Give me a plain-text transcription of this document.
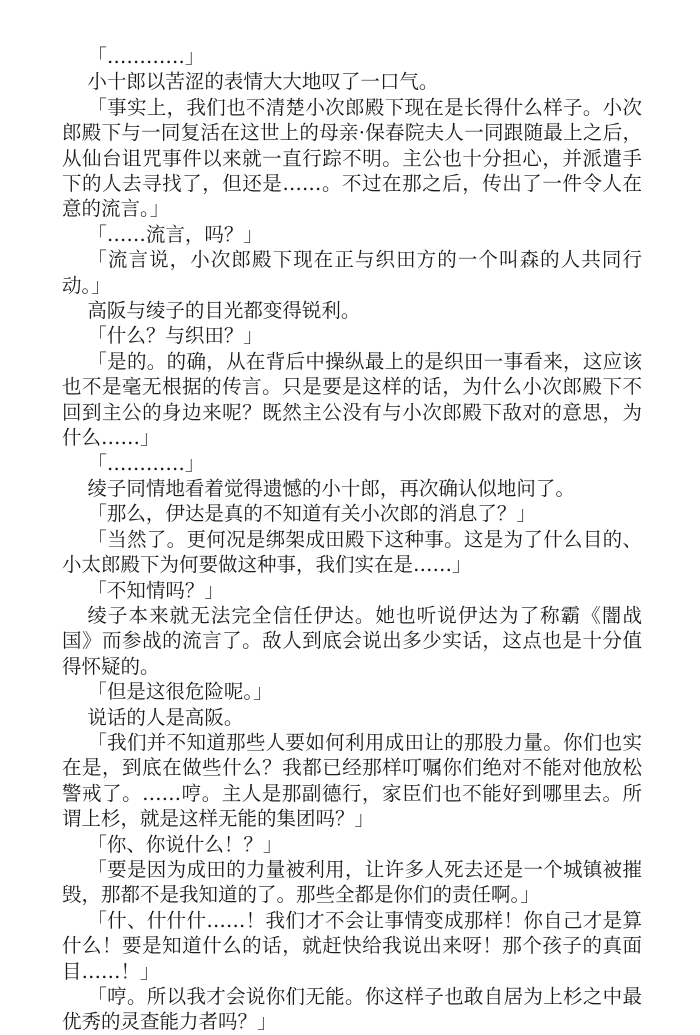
「…………」

小十郎以苦涩的表情大大地叹了一口气。

「事实上，我们也不清楚小次郎殿下现在是长得什么样子。小次郎殿下与一同复活在这世上的母亲·保春院夫人一同跟随最上之后，从仙台诅咒事件以来就一直行踪不明。主公也十分担心，并派遣手下的人去寻找了，但还是……。不过在那之后，传出了一件令人在意的流言。」

「……流言，吗？」

「流言说，小次郎殿下现在正与织田方的一个叫森的人共同行动。」

高阪与绫子的目光都变得锐利。

「什么？与织田？」

「是的。的确，从在背后中操纵最上的是织田一事看来，这应该也不是毫无根据的传言。只是要是这样的话，为什么小次郎殿下不回到主公的身边来呢？既然主公没有与小次郎殿下敌对的意思，为什么……」

「…………」

绫子同情地看着觉得遗憾的小十郎，再次确认似地问了。

「那么，伊达是真的不知道有关小次郎的消息了？」

「当然了。更何况是绑架成田殿下这种事。这是为了什么目的、小太郎殿下为何要做这种事，我们实在是……」

「不知情吗？」

绫子本来就无法完全信任伊达。她也听说伊达为了称霸《闇战国》而参战的流言了。敌人到底会说出多少实话，这点也是十分值得怀疑的。

「但是这很危险呢。」

说话的人是高阪。

「我们并不知道那些人要如何利用成田让的那股力量。你们也实在是，到底在做些什么？我都已经那样叮嘱你们绝对不能对他放松警戒了。……哼。主人是那副德行，家臣们也不能好到哪里去。所谓上杉，就是这样无能的集团吗？」

「你、你说什么！？」

「要是因为成田的力量被利用，让许多人死去还是一个城镇被摧毁，那都不是我知道的了。那些全都是你们的责任啊。」

「什、什什什……！我们才不会让事情变成那样！你自己才是算什么！要是知道什么的话，就赶快给我说出来呀！那个孩子的真面目……！」

「哼。所以我才会说你们无能。你这样子也敢自居为上杉之中最优秀的灵查能力者吗？」
